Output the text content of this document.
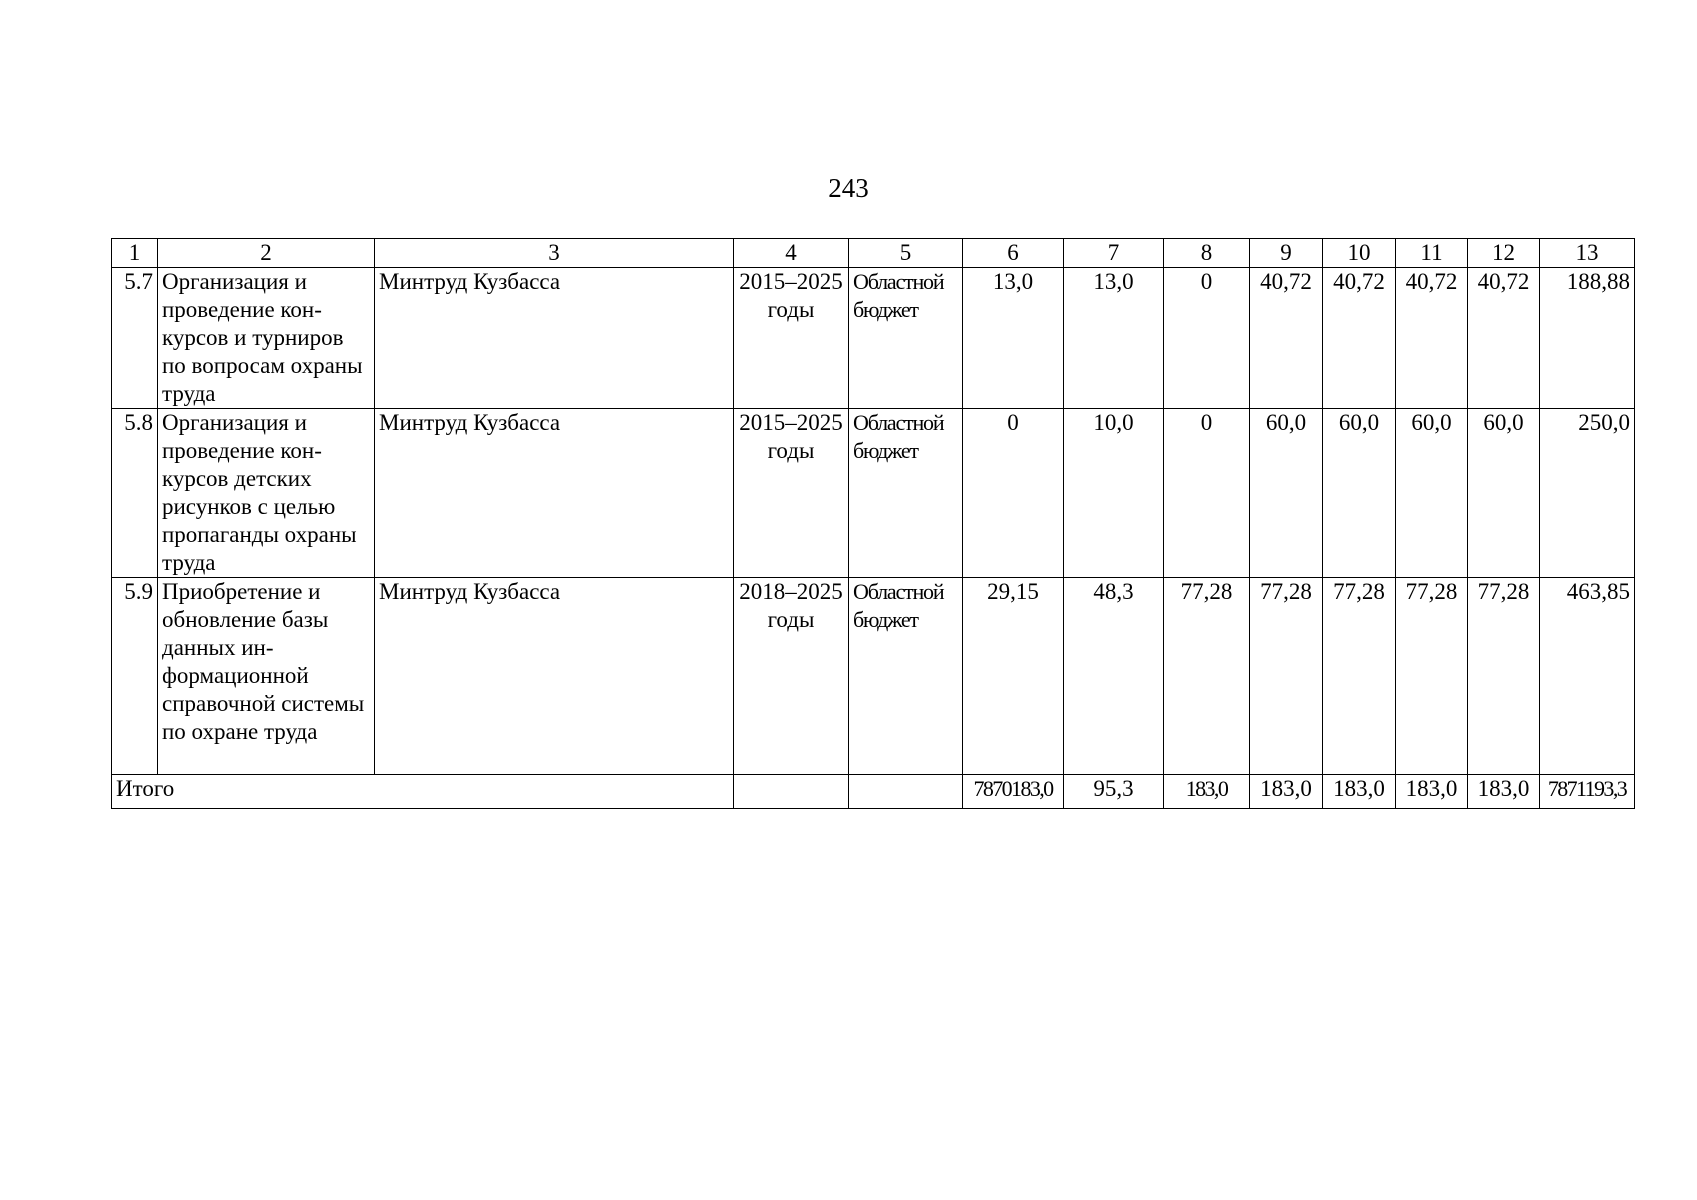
243
1	2	3	4	5	6	7	8	9	10	11	12	13
5.7	Организация и проведение кон-курсов и турниров по вопросам охраны труда	Минтруд Кузбасса	2015–2025 годы	Областной бюджет	13,0	13,0	0	40,72	40,72	40,72	40,72	188,88
5.8	Организация и проведение кон-курсов детских рисунков с целью пропаганды охраны труда	Минтруд Кузбасса	2015–2025 годы	Областной бюджет	0	10,0	0	60,0	60,0	60,0	60,0	250,0
5.9	Приобретение и обновление базы данных ин-формационной справочной системы по охране труда	Минтруд Кузбасса	2018–2025 годы	Областной бюджет	29,15	48,3	77,28	77,28	77,28	77,28	77,28	463,85
Итого					7870183,0	95,3	183,0	183,0	183,0	183,0	183,0	7871193,3
